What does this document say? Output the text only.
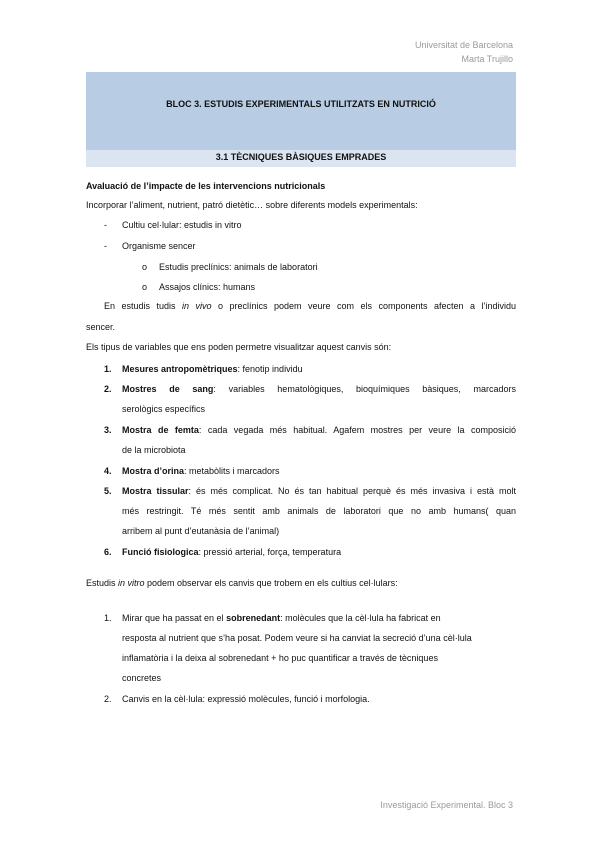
Universitat de Barcelona
Marta Trujillo
BLOC 3. ESTUDIS EXPERIMENTALS UTILITZATS EN NUTRICIÓ
3.1 TÈCNIQUES BÀSIQUES EMPRADES
Avaluació de l’impacte de les intervencions nutricionals
Incorporar l’aliment, nutrient, patró dietètic… sobre diferents models experimentals:
- Cultiu cel·lular: estudis in vitro
- Organisme sencer
o Estudis preclínics: animals de laboratori
o Assajos clínics: humans
En estudis tudis in vivo o preclínics podem veure com els components afecten a l’individu
sencer.
Els tipus de variables que ens poden permetre visualitzar aquest canvis són:
1. Mesures antropomètriques: fenotip individu
2. Mostres de sang: variables hematològiques, bioquímiques bàsiques, marcadors
serològics específics
3. Mostra de femta: cada vegada més habitual. Agafem mostres per veure la composició
de la microbiota
4. Mostra d’orina: metabòlits i marcadors
5. Mostra tissular: és més complicat. No és tan habitual perquè és més invasiva i està molt
més restringit. Té més sentit amb animals de laboratori que no amb humans( quan
arribem al punt d’eutanàsia de l’animal)
6. Funció fisiologica: pressió arterial, força, temperatura
Estudis in vitro podem observar els canvis que trobem en els cultius cel·lulars:
1. Mirar que ha passat en el sobrenedant: molècules que la cèl·lula ha fabricat en
resposta al nutrient que s’ha posat. Podem veure si ha canviat la secreció d’una cèl·lula
inflamatòria i la deixa al sobrenedant + ho puc quantificar a través de tècniques
concretes
2. Canvis en la cèl·lula: expressió molècules, funció i morfologia.
Investigació Experimental. Bloc 3
